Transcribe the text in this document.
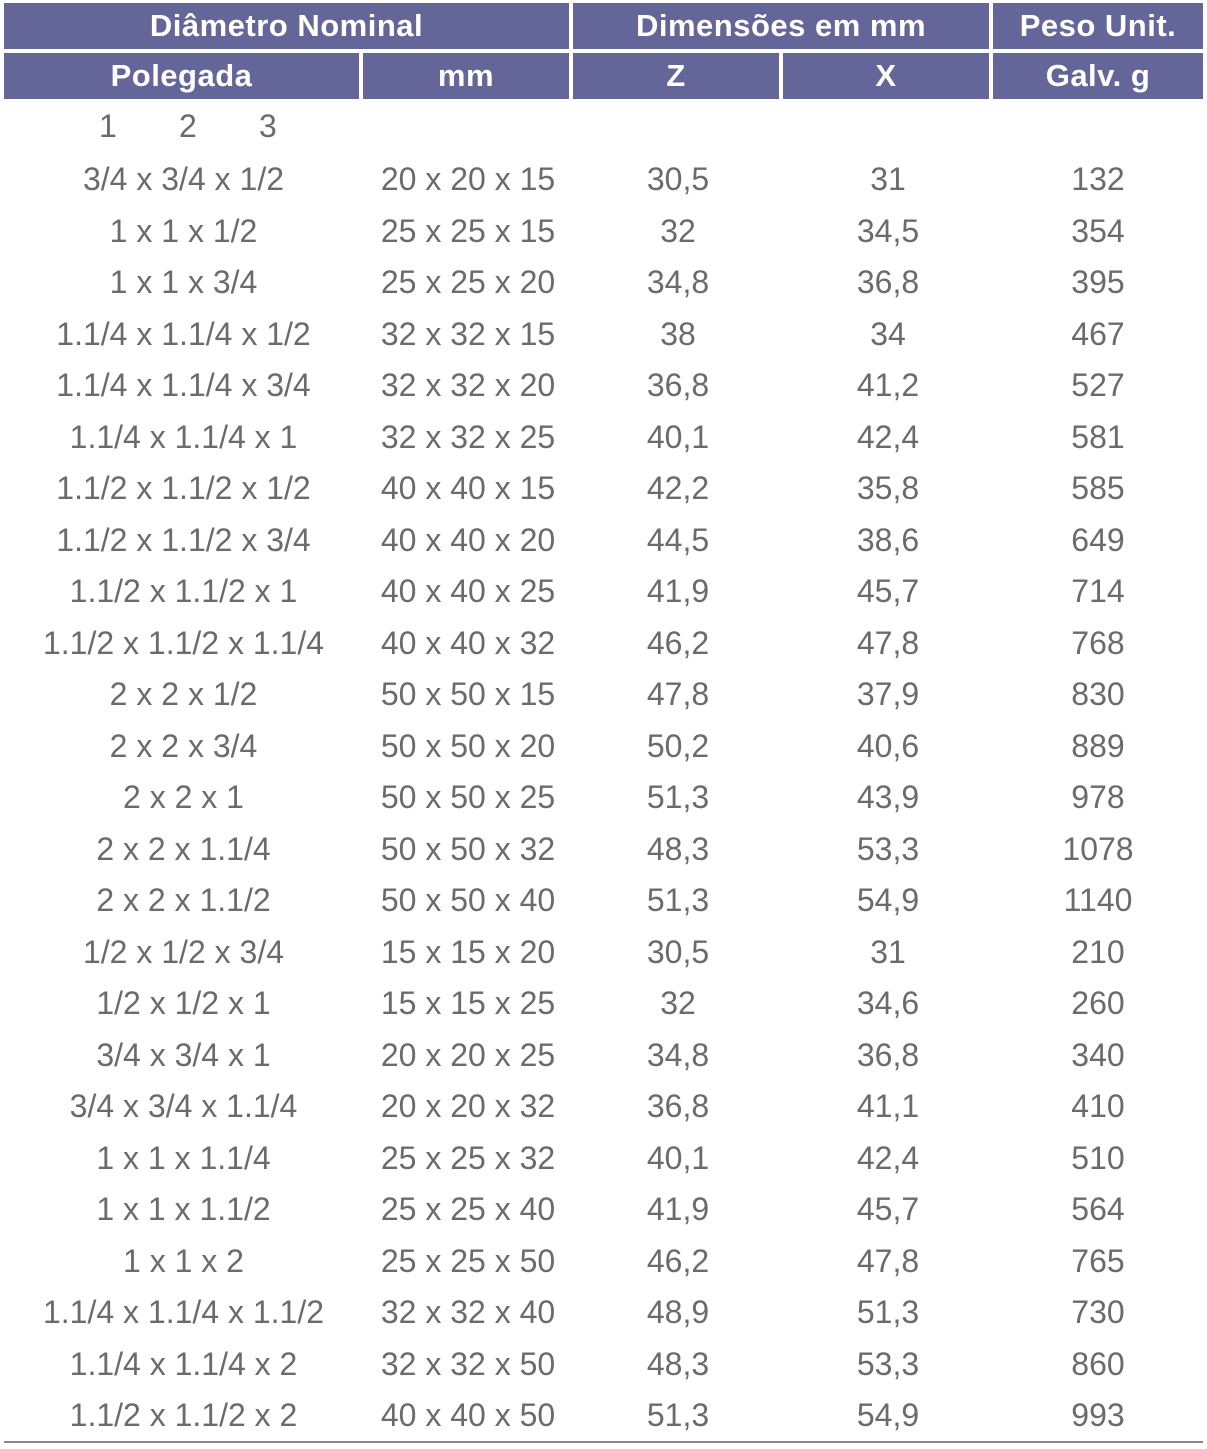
Diâmetro Nominal		Dimensões em mm		Peso Unit.
Polegada	mm	Z	X	Galv. g
1 2 3				
3/4 x 3/4 x 1/2	20 x 20 x 15	30,5	31	132
1 x 1 x 1/2	25 x 25 x 15	32	34,5	354
1 x 1 x 3/4	25 x 25 x 20	34,8	36,8	395
1.1/4 x 1.1/4 x 1/2	32 x 32 x 15	38	34	467
1.1/4 x 1.1/4 x 3/4	32 x 32 x 20	36,8	41,2	527
1.1/4 x 1.1/4 x 1	32 x 32 x 25	40,1	42,4	581
1.1/2 x 1.1/2 x 1/2	40 x 40 x 15	42,2	35,8	585
1.1/2 x 1.1/2 x 3/4	40 x 40 x 20	44,5	38,6	649
1.1/2 x 1.1/2 x 1	40 x 40 x 25	41,9	45,7	714
1.1/2 x 1.1/2 x 1.1/4	40 x 40 x 32	46,2	47,8	768
2 x 2 x 1/2	50 x 50 x 15	47,8	37,9	830
2 x 2 x 3/4	50 x 50 x 20	50,2	40,6	889
2 x 2 x 1	50 x 50 x 25	51,3	43,9	978
2 x 2 x 1.1/4	50 x 50 x 32	48,3	53,3	1078
2 x 2 x 1.1/2	50 x 50 x 40	51,3	54,9	1140
1/2 x 1/2 x 3/4	15 x 15 x 20	30,5	31	210
1/2 x 1/2 x 1	15 x 15 x 25	32	34,6	260
3/4 x 3/4 x 1	20 x 20 x 25	34,8	36,8	340
3/4 x 3/4 x 1.1/4	20 x 20 x 32	36,8	41,1	410
1 x 1 x 1.1/4	25 x 25 x 32	40,1	42,4	510
1 x 1 x 1.1/2	25 x 25 x 40	41,9	45,7	564
1 x 1 x 2	25 x 25 x 50	46,2	47,8	765
1.1/4 x 1.1/4 x 1.1/2	32 x 32 x 40	48,9	51,3	730
1.1/4 x 1.1/4 x 2	32 x 32 x 50	48,3	53,3	860
1.1/2 x 1.1/2 x 2	40 x 40 x 50	51,3	54,9	993
